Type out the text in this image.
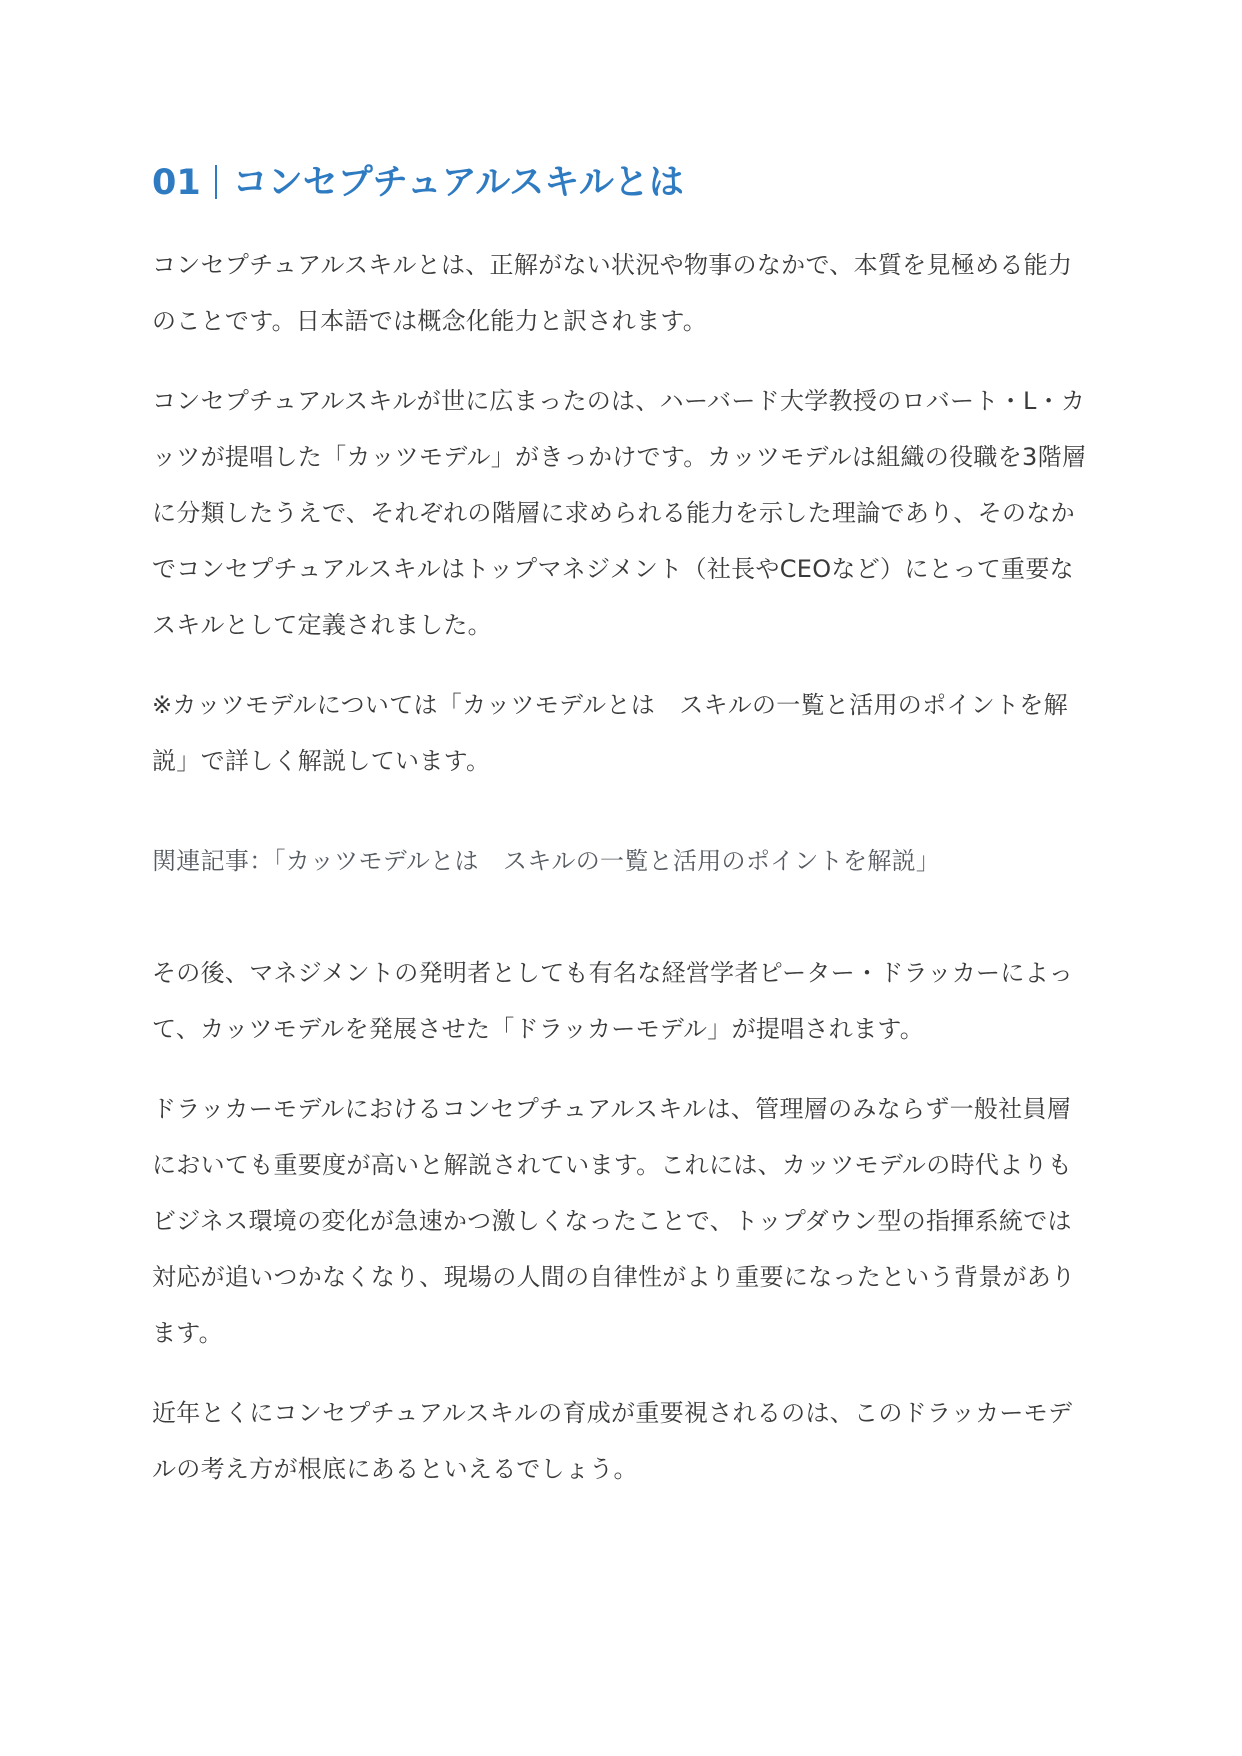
01 コンセプチュアルスキルとは

コンセプチュアルスキルとは、正解がない状況や物事のなかで、本質を見極める能力のことです。日本語では概念化能力と訳されます。

コンセプチュアルスキルが世に広まったのは、ハーバード大学教授のロバート・L・カッツが提唱した「カッツモデル」がきっかけです。カッツモデルは組織の役職を3階層に分類したうえで、それぞれの階層に求められる能力を示した理論であり、そのなかでコンセプチュアルスキルはトップマネジメント（社長やCEOなど）にとって重要なスキルとして定義されました。

※カッツモデルについては「カッツモデルとは　スキルの一覧と活用のポイントを解説」で詳しく解説しています。

関連記事：「カッツモデルとは　スキルの一覧と活用のポイントを解説」

その後、マネジメントの発明者としても有名な経営学者ピーター・ドラッカーによって、カッツモデルを発展させた「ドラッカーモデル」が提唱されます。

ドラッカーモデルにおけるコンセプチュアルスキルは、管理層のみならず一般社員層においても重要度が高いと解説されています。これには、カッツモデルの時代よりもビジネス環境の変化が急速かつ激しくなったことで、トップダウン型の指揮系統では対応が追いつかなくなり、現場の人間の自律性がより重要になったという背景があります。

近年とくにコンセプチュアルスキルの育成が重要視されるのは、このドラッカーモデルの考え方が根底にあるといえるでしょう。
